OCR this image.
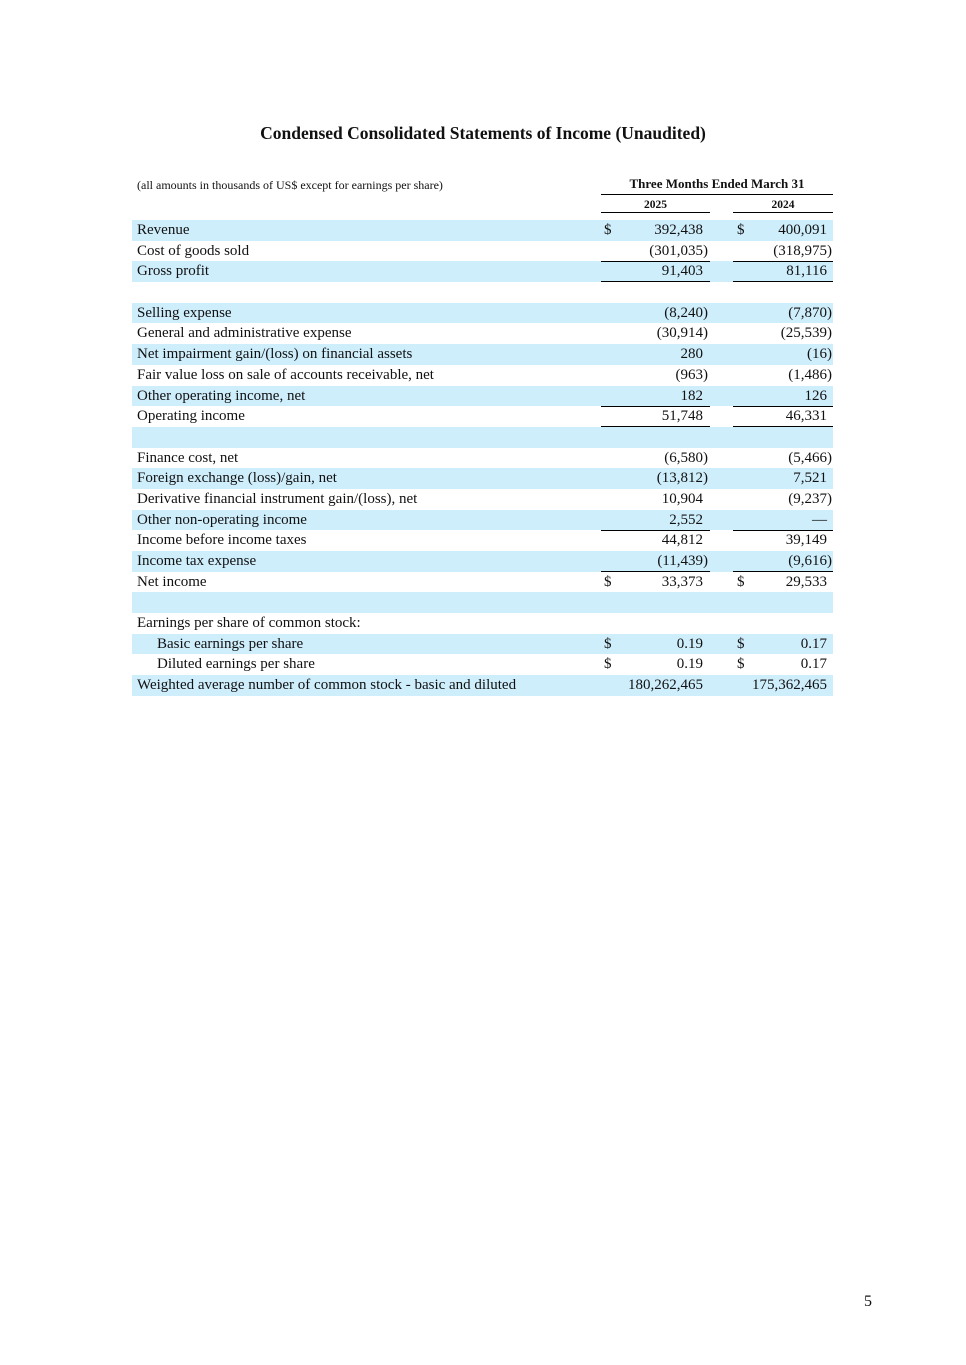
Condensed Consolidated Statements of Income (Unaudited)
(all amounts in thousands of US$ except for earnings per share)	Three Months Ended March 31
2025	2024
Revenue	$	392,438 $ 400,091
Cost of goods sold	(301,035)	(318,975)
Gross profit	91,403	81,116
Selling expense	(8,240)	(7,870)
General and administrative expense	(30,914)	(25,539)
Net impairment gain/(loss) on financial assets	280	(16)
Fair value loss on sale of accounts receivable, net	(963)	(1,486)
Other operating income, net	182	126
Operating income	51,748	46,331
Finance cost, net	(6,580)	(5,466)
Foreign exchange (loss)/gain, net	(13,812)	7,521
Derivative financial instrument gain/(loss), net	10,904	(9,237)
Other non-operating income	2,552	—
Income before income taxes	44,812	39,149
Income tax expense	(11,439)	(9,616)
Net income	$	33,373 $	29,533
Earnings per share of common stock:
Basic earnings per share	$	0.19 $	0.17
Diluted earnings per share	$	0.19 $	0.17
Weighted average number of common stock - basic and diluted	180,262,465	175,362,465
5
